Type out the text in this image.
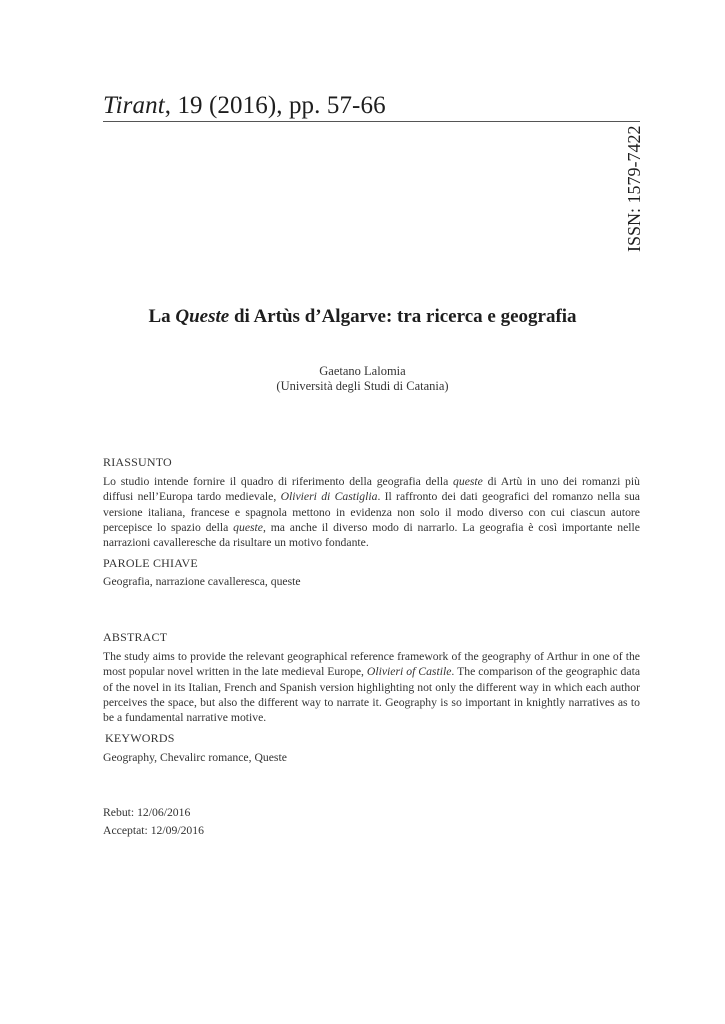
Tirant, 19 (2016), pp. 57-66
ISSN: 1579-7422
La Queste di Artùs d’Algarve: tra ricerca e geografia
Gaetano Lalomia
(Università degli Studi di Catania)
RIASSUNTO
Lo studio intende fornire il quadro di riferimento della geografia della queste di Artù in uno dei romanzi più diffusi nell’Europa tardo medievale, Olivieri di Castiglia. Il raffronto dei dati geografici del romanzo nella sua versione italiana, francese e spagnola mettono in evidenza non solo il modo diverso con cui ciascun autore percepisce lo spazio della queste, ma anche il diverso modo di narrarlo. La geografia è così importante nelle narrazioni cavalleresche da risultare un motivo fondante.
PAROLE CHIAVE
Geografia, narrazione cavalleresca, queste
ABSTRACT
The study aims to provide the relevant geographical reference framework of the geography of Arthur in one of the most popular novel written in the late medieval Europe, Olivieri of Castile. The comparison of the geographic data of the novel in its Italian, French and Spanish version highlighting not only the different way in which each author perceives the space, but also the different way to narrate it. Geography is so important in knightly narratives as to be a fundamental narrative motive.
KEYWORDS
Geography, Chevalirc romance, Queste
Rebut: 12/06/2016
Acceptat: 12/09/2016
